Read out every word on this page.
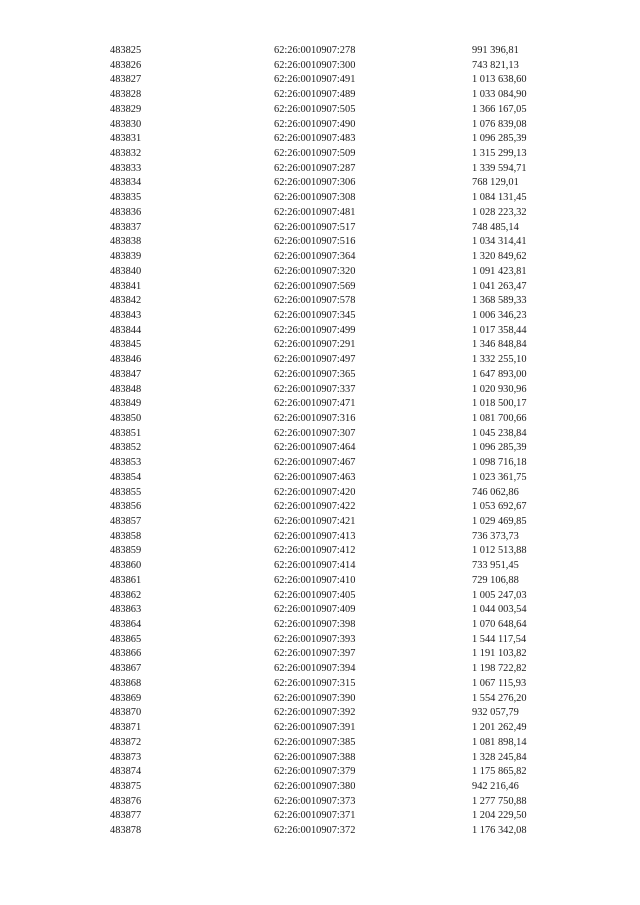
483825	62:26:0010907:278	991 396,81
483826	62:26:0010907:300	743 821,13
483827	62:26:0010907:491	1 013 638,60
483828	62:26:0010907:489	1 033 084,90
483829	62:26:0010907:505	1 366 167,05
483830	62:26:0010907:490	1 076 839,08
483831	62:26:0010907:483	1 096 285,39
483832	62:26:0010907:509	1 315 299,13
483833	62:26:0010907:287	1 339 594,71
483834	62:26:0010907:306	768 129,01
483835	62:26:0010907:308	1 084 131,45
483836	62:26:0010907:481	1 028 223,32
483837	62:26:0010907:517	748 485,14
483838	62:26:0010907:516	1 034 314,41
483839	62:26:0010907:364	1 320 849,62
483840	62:26:0010907:320	1 091 423,81
483841	62:26:0010907:569	1 041 263,47
483842	62:26:0010907:578	1 368 589,33
483843	62:26:0010907:345	1 006 346,23
483844	62:26:0010907:499	1 017 358,44
483845	62:26:0010907:291	1 346 848,84
483846	62:26:0010907:497	1 332 255,10
483847	62:26:0010907:365	1 647 893,00
483848	62:26:0010907:337	1 020 930,96
483849	62:26:0010907:471	1 018 500,17
483850	62:26:0010907:316	1 081 700,66
483851	62:26:0010907:307	1 045 238,84
483852	62:26:0010907:464	1 096 285,39
483853	62:26:0010907:467	1 098 716,18
483854	62:26:0010907:463	1 023 361,75
483855	62:26:0010907:420	746 062,86
483856	62:26:0010907:422	1 053 692,67
483857	62:26:0010907:421	1 029 469,85
483858	62:26:0010907:413	736 373,73
483859	62:26:0010907:412	1 012 513,88
483860	62:26:0010907:414	733 951,45
483861	62:26:0010907:410	729 106,88
483862	62:26:0010907:405	1 005 247,03
483863	62:26:0010907:409	1 044 003,54
483864	62:26:0010907:398	1 070 648,64
483865	62:26:0010907:393	1 544 117,54
483866	62:26:0010907:397	1 191 103,82
483867	62:26:0010907:394	1 198 722,82
483868	62:26:0010907:315	1 067 115,93
483869	62:26:0010907:390	1 554 276,20
483870	62:26:0010907:392	932 057,79
483871	62:26:0010907:391	1 201 262,49
483872	62:26:0010907:385	1 081 898,14
483873	62:26:0010907:388	1 328 245,84
483874	62:26:0010907:379	1 175 865,82
483875	62:26:0010907:380	942 216,46
483876	62:26:0010907:373	1 277 750,88
483877	62:26:0010907:371	1 204 229,50
483878	62:26:0010907:372	1 176 342,08
